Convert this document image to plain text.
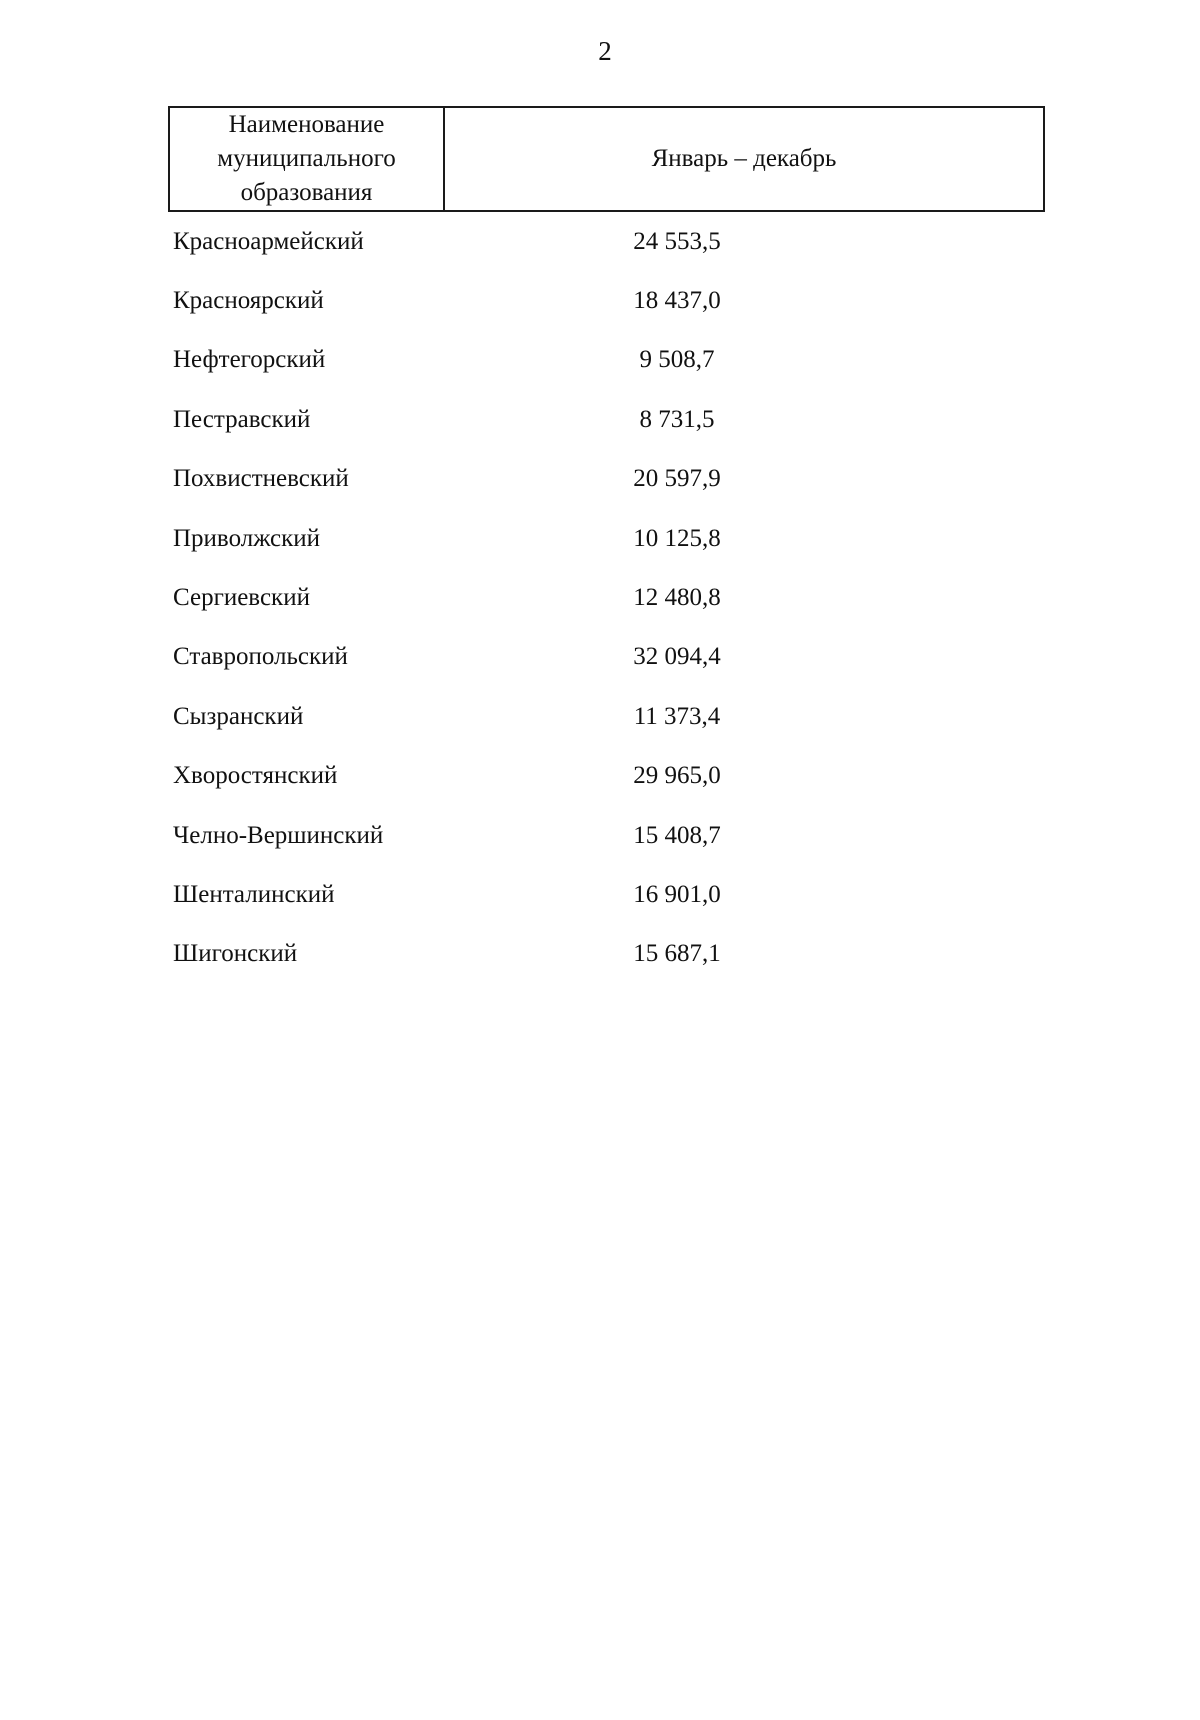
2
Наименование
муниципального образования	Январь – декабрь
Красноармейский	24 553,5
Красноярский	18 437,0
Нефтегорский	9 508,7
Пестравский	8 731,5
Похвистневский	20 597,9
Приволжский	10 125,8
Сергиевский	12 480,8
Ставропольский	32 094,4
Сызранский	11 373,4
Хворостянский	29 965,0
Челно-Вершинский	15 408,7
Шенталинский	16 901,0
Шигонский	15 687,1
